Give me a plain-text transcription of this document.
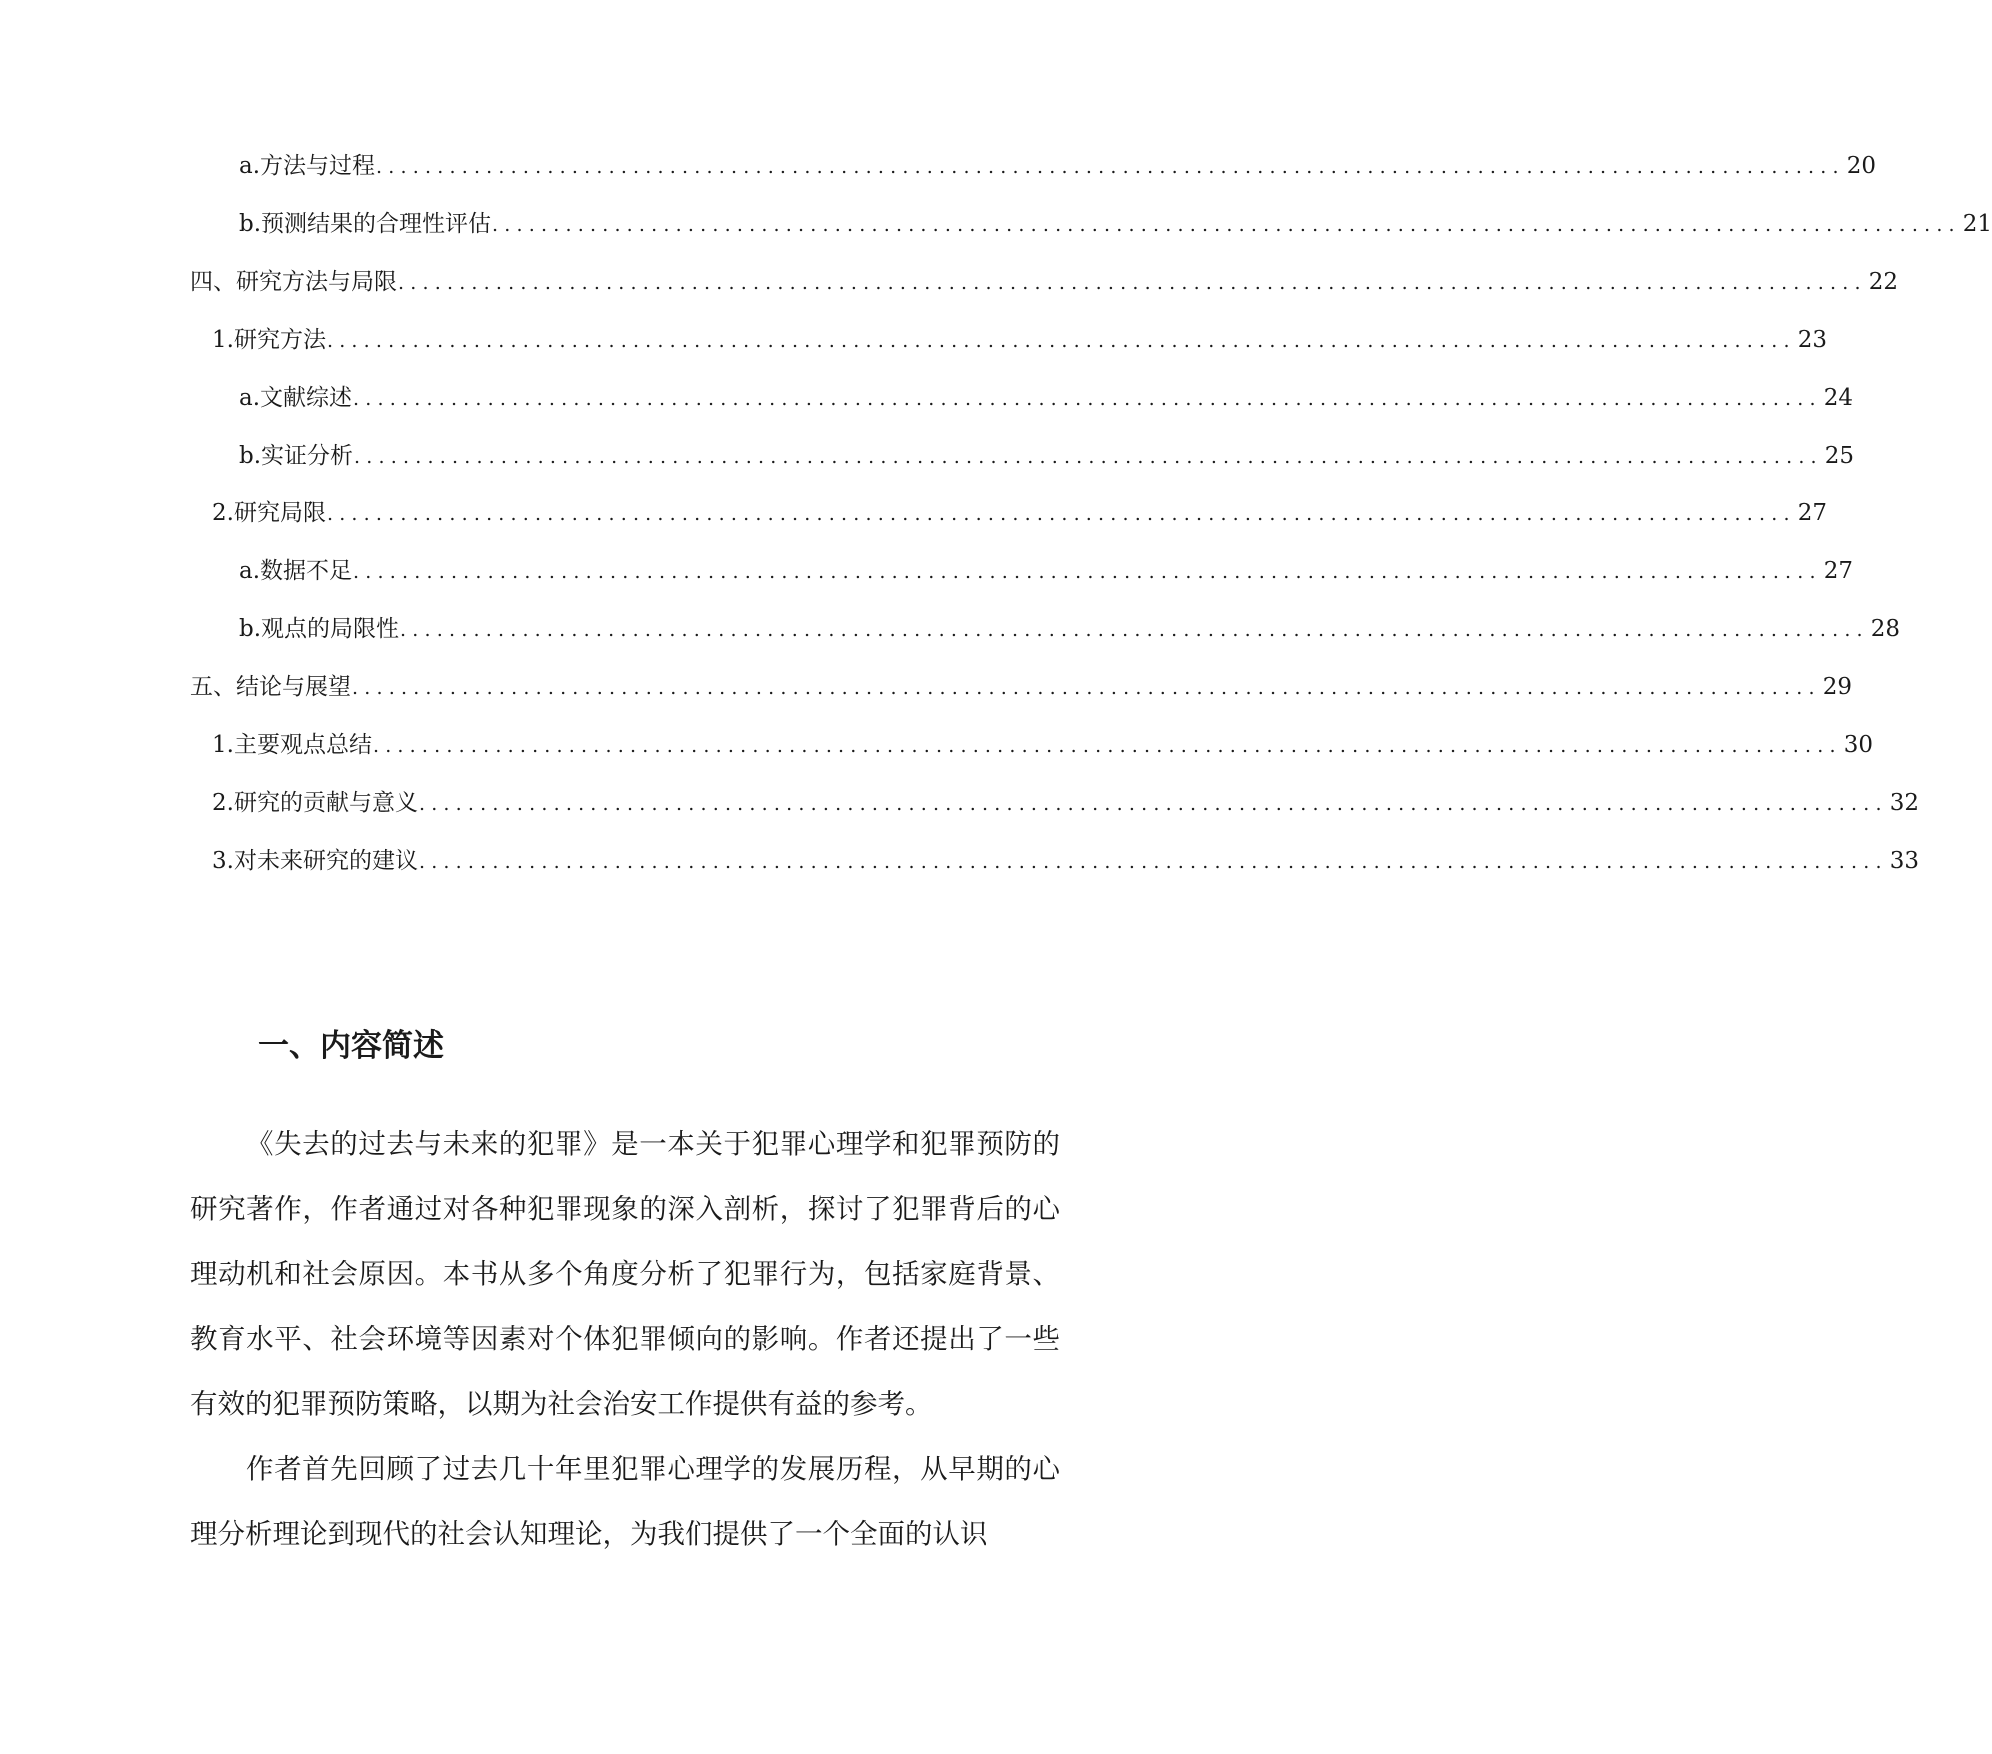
a. 方法与过程 ........................................................................................................................ 20
b. 预测结果的合理性评估 ........................................................................................................................ 21
四、研究方法与局限 ........................................................................................................................ 22
1. 研究方法 ........................................................................................................................ 23
a. 文献综述 ........................................................................................................................ 24
b. 实证分析 ........................................................................................................................ 25
2. 研究局限 ........................................................................................................................ 27
a. 数据不足 ........................................................................................................................ 27
b. 观点的局限性 ........................................................................................................................ 28
五、结论与展望 ........................................................................................................................ 29
1. 主要观点总结 ........................................................................................................................ 30
2. 研究的贡献与意义 ........................................................................................................................ 32
3. 对未来研究的建议 ........................................................................................................................ 33
一、内容简述

《失去的过去与未来的犯罪》是一本关于犯罪心理学和犯罪预防的研究著作，作者通过对各种犯罪现象的深入剖析，探讨了犯罪背后的心理动机和社会原因。本书从多个角度分析了犯罪行为，包括家庭背景、教育水平、社会环境等因素对个体犯罪倾向的影响。作者还提出了一些有效的犯罪预防策略，以期为社会治安工作提供有益的参考。

作者首先回顾了过去几十年里犯罪心理学的发展历程，从早期的心理分析理论到现代的社会认知理论，为我们提供了一个全面的认识
